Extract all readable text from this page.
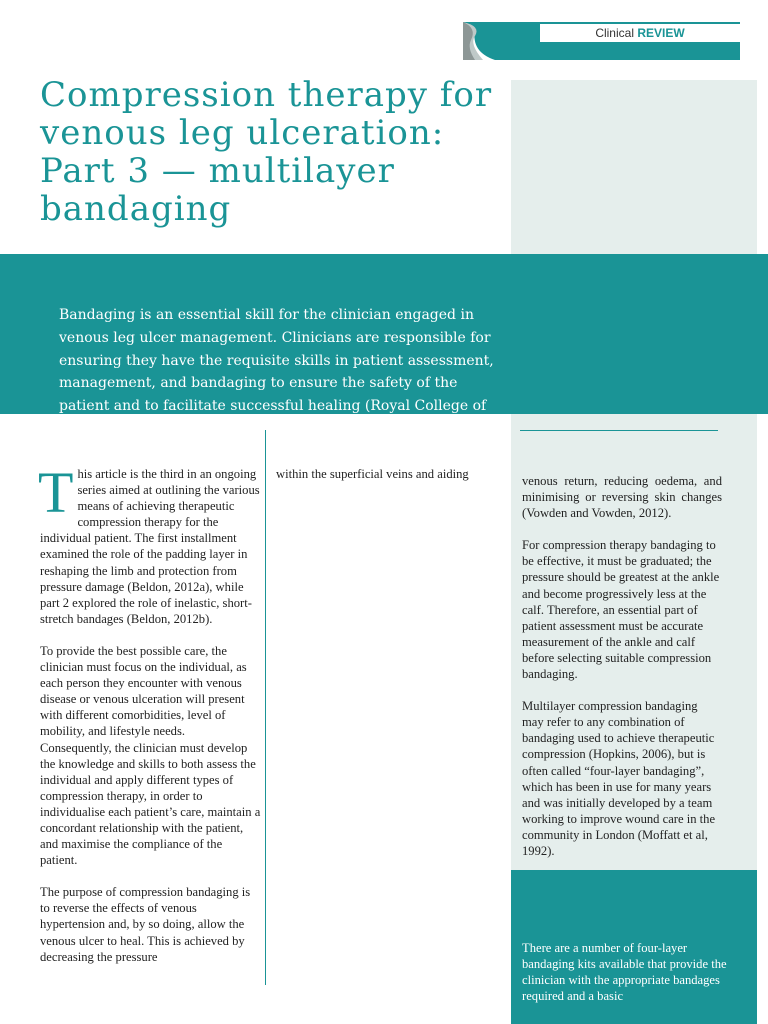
Clinical REVIEW
Compression therapy for venous leg ulceration: Part 3 — multilayer bandaging

Bandaging is an essential skill for the clinician engaged in venous leg ulcer management. Clinicians are responsible for ensuring they have the requisite skills in patient assessment, management, and bandaging to ensure the safety of the patient and to facilitate successful healing (Royal College of Nursing, 1998).

This article is the third in an ongoing series aimed at outlining the various means of achieving therapeutic compression therapy for the individual patient. The first installment examined the role of the padding layer in reshaping the limb and protection from pressure damage (Beldon, 2012a), while part 2 explored the role of inelastic, short-stretch bandages (Beldon, 2012b).

To provide the best possible care, the clinician must focus on the individual, as each person they encounter with venous disease or venous ulceration will present with different comorbidities, level of mobility, and lifestyle needs.

Consequently, the clinician must develop the knowledge and skills to both assess the individual and apply different types of compression therapy, in order to individualise each patient’s care, maintain a concordant relationship with the patient, and maximise the compliance of the patient.

The purpose of compression bandaging is to reverse the effects of venous hypertension and, by so doing, allow the venous ulcer to heal. This is achieved by decreasing the pressure

within the superficial veins and aiding	venous return, reducing oedema, and minimising or reversing skin changes (Vowden and Vowden, 2012).

For compression therapy bandaging to be effective, it must be graduated; the pressure should be greatest at the ankle and become progressively less at the calf. Therefore, an essential part of patient assessment must be accurate measurement of the ankle and calf before selecting suitable compression bandaging.

Multilayer compression bandaging may refer to any combination of bandaging used to achieve therapeutic compression (Hopkins, 2006), but is often called “four-layer bandaging”, which has been in use for many years and was initially developed by a team working to improve wound care in the community in London (Moffatt et al, 1992).

There are a number of four-layer bandaging kits available that provide the clinician with the appropriate bandages required and a basic
